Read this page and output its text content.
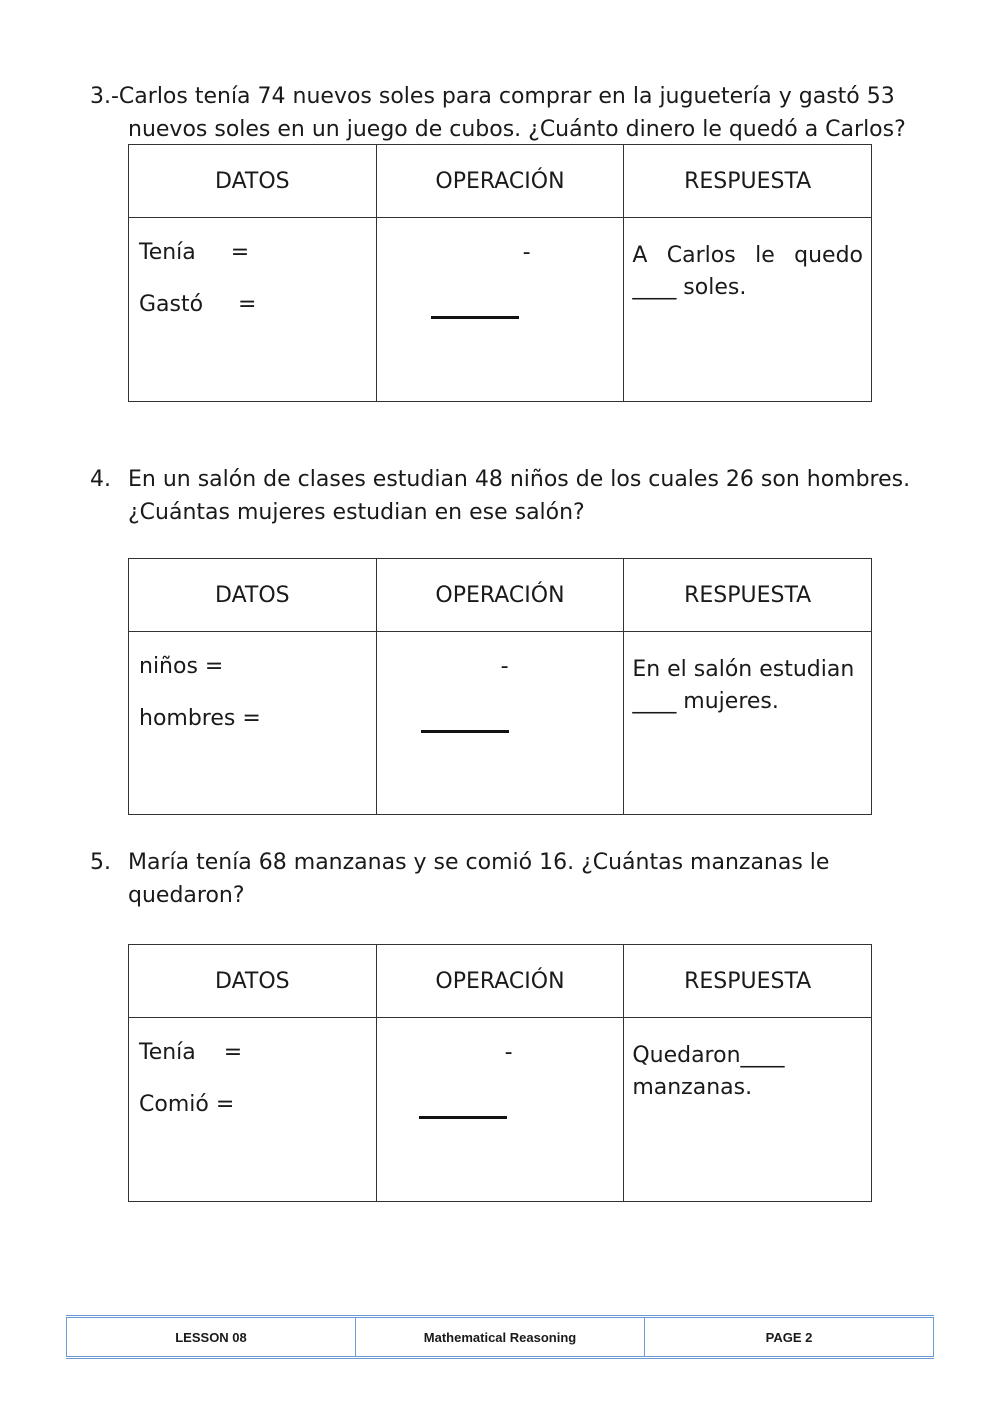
3.-Carlos tenía 74 nuevos soles para comprar en la juguetería y gastó 53
nuevos soles en un juego de cubos. ¿Cuánto dinero le quedó a Carlos?
DATOS	OPERACIÓN	RESPUESTA

Tenía     =
Gastó     =	-	A Carlos le quedo ____ soles.
4. En un salón de clases estudian 48 niños de los cuales 26 son hombres. ¿Cuántas mujeres estudian en ese salón?
DATOS	OPERACIÓN	RESPUESTA

niños =
hombres =	-	En el salón estudian ____ mujeres.
5. María tenía 68 manzanas y se comió 16. ¿Cuántas manzanas le quedaron?
DATOS	OPERACIÓN	RESPUESTA

Tenía    =
Comió =	-	Quedaron____ manzanas.
LESSON 08	Mathematical Reasoning	PAGE 2
